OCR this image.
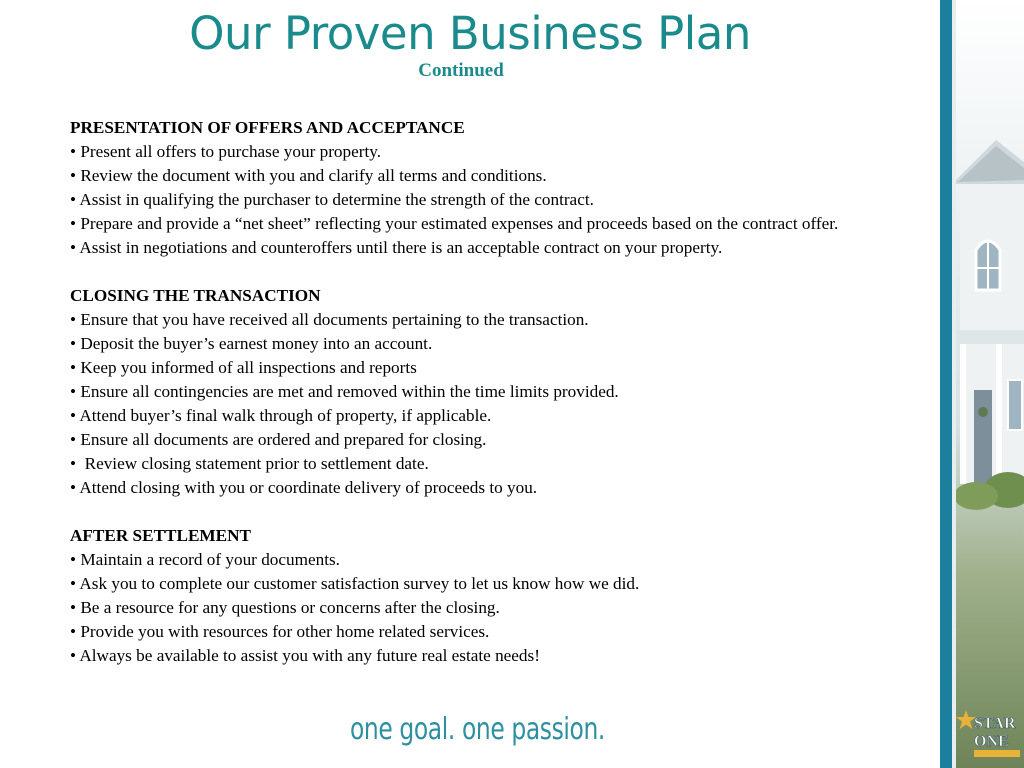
Our Proven Business Plan
Continued
PRESENTATION OF OFFERS AND ACCEPTANCE

• Present all offers to purchase your property.

• Review the document with you and clarify all terms and conditions.

• Assist in qualifying the purchaser to determine the strength of the contract.

• Prepare and provide a “net sheet” reflecting your estimated expenses and proceeds based on the contract offer.

• Assist in negotiations and counteroffers until there is an acceptable contract on your property.

CLOSING THE TRANSACTION

• Ensure that you have received all documents pertaining to the transaction.

• Deposit the buyer’s earnest money into an account.

• Keep you informed of all inspections and reports

• Ensure all contingencies are met and removed within the time limits provided.

• Attend buyer’s final walk through of property, if applicable.

• Ensure all documents are ordered and prepared for closing.

•  Review closing statement prior to settlement date.

• Attend closing with you or coordinate delivery of proceeds to you.

AFTER SETTLEMENT

• Maintain a record of your documents.

• Ask you to complete our customer satisfaction survey to let us know how we did.

• Be a resource for any questions or concerns after the closing.

• Provide you with resources for other home related services.

• Always be available to assist you with any future real estate needs!

one goal. one passion.	STAR
ONE
